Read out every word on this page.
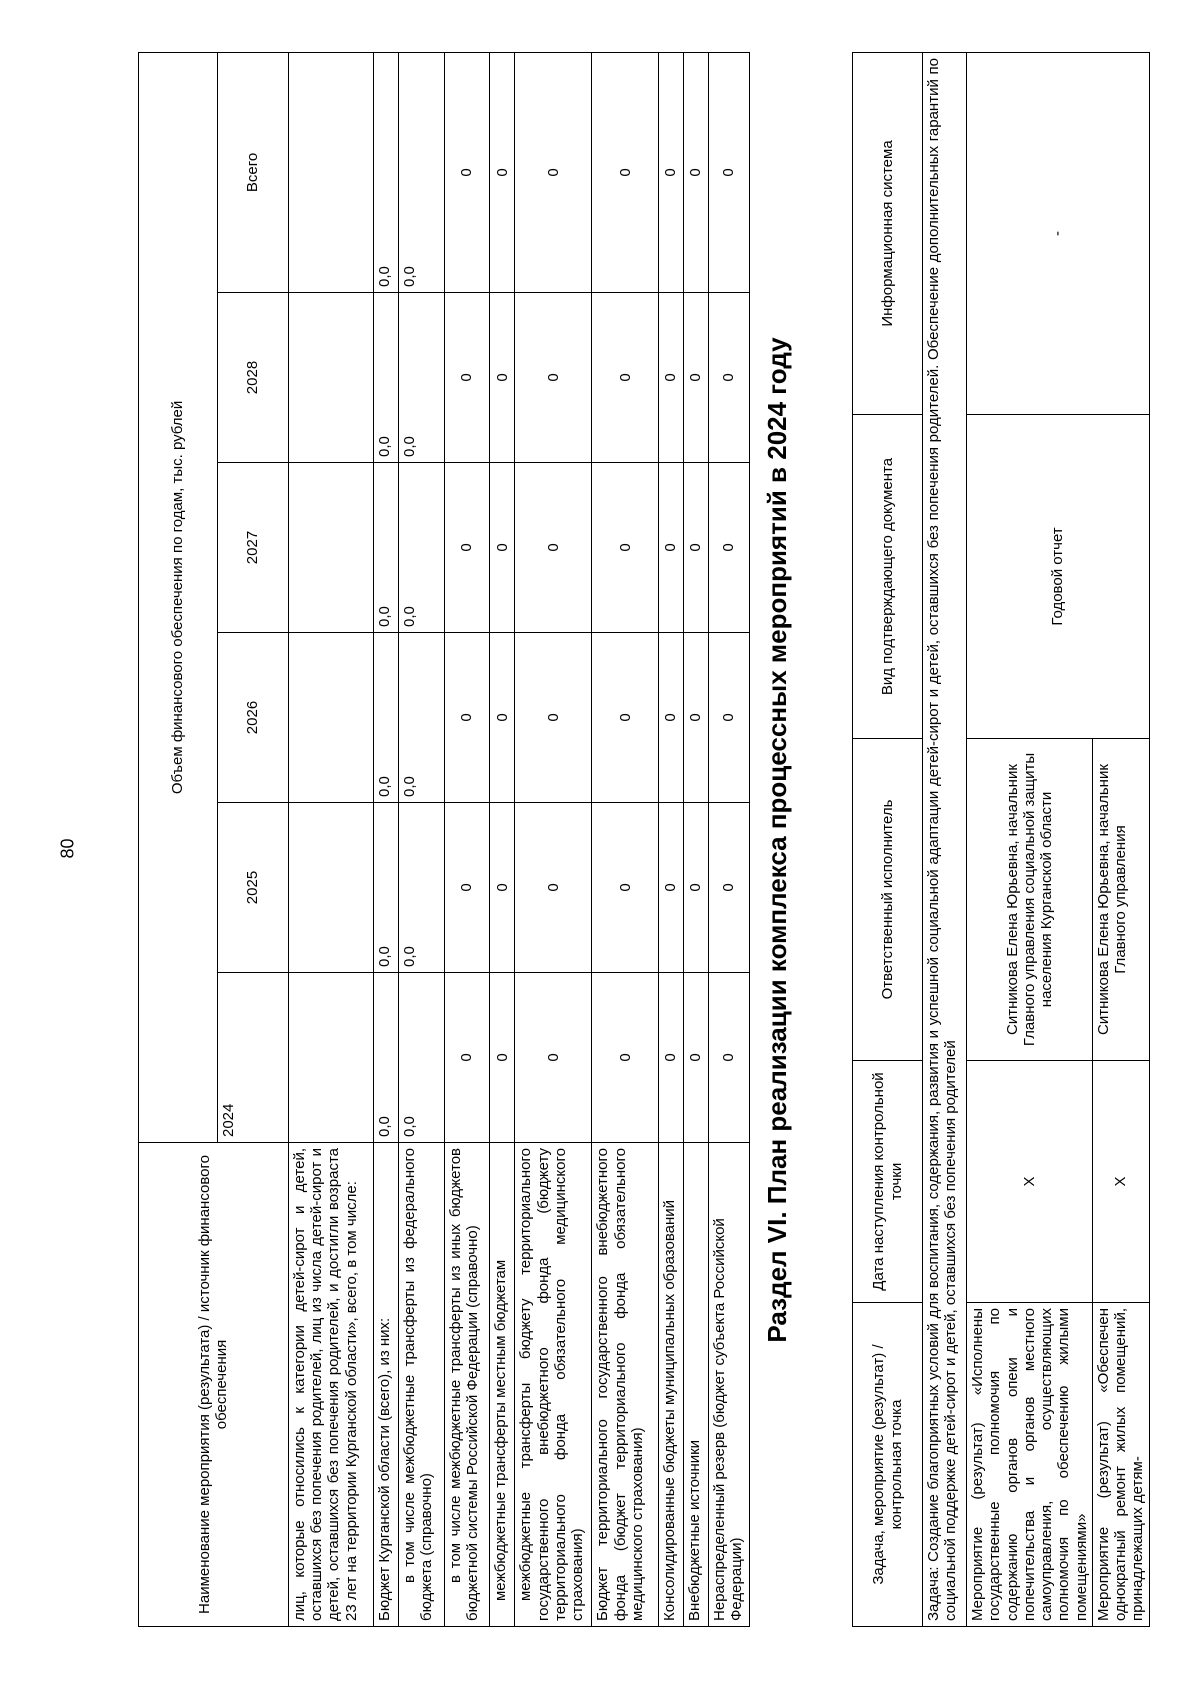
80
Наименование мероприятия (результата) / источник финансового обеспечения	Объем финансового обеспечения по годам, тыс. рублей					
	2024	2025	2026	2027	2028	Всего
лиц, которые относились к категории детей-сирот и детей, оставшихся без попечения родителей, лиц из числа детей-сирот и детей, оставшихся без попечения родителей, и достигли возраста 23 лет на территории Курганской области», всего, в том числе:						
Бюджет Курганской области (всего), из них:	0,0	0,0	0,0	0,0	0,0	0,0
в том числе межбюджетные трансферты из федерального бюджета (справочно)	0,0	0,0	0,0	0,0	0,0	0,0
в том числе межбюджетные трансферты из иных бюджетов бюджетной системы Российской Федерации (справочно)	0	0	0	0	0	0
межбюджетные трансферты местным бюджетам	0	0	0	0	0	0
межбюджетные трансферты бюджету территориального государственного внебюджетного фонда (бюджету территориального фонда обязательного медицинского страхования)	0	0	0	0	0	0
Бюджет территориального государственного внебюджетного фонда (бюджет территориального фонда обязательного медицинского страхования)	0	0	0	0	0	0
Консолидированные бюджеты муниципальных образований	0	0	0	0	0	0
Внебюджетные источники	0	0	0	0	0	0
Нераспределенный резерв (бюджет субъекта Российской Федерации)	0	0	0	0	0	0
Раздел VI. План реализации комплекса процессных мероприятий в 2024 году
Задача, мероприятие (результат) / контрольная точка	Дата наступления контрольной точки	Ответственный исполнитель	Вид подтверждающего документа	Информационная система
Задача: Создание благоприятных условий для воспитания, содержания, развития и успешной социальной адаптации детей-сирот и детей, оставшихся без попечения родителей. Обеспечение дополнительных гарантий по социальной поддержке детей-сирот и детей, оставшихся без попечения родителей				
Мероприятие (результат) «Исполнены государственные полномочия по содержанию органов опеки и попечительства и органов местного самоуправления, осуществляющих полномочия по обеспечению жилыми помещениями»	X	Ситникова Елена Юрьевна, начальник Главного управления социальной защиты населения Курганской области	Годовой отчет	-
Мероприятие (результат) «Обеспечен однократный ремонт жилых помещений, принадлежащих детям-	X	Ситникова Елена Юрьевна, начальник Главного управления		
